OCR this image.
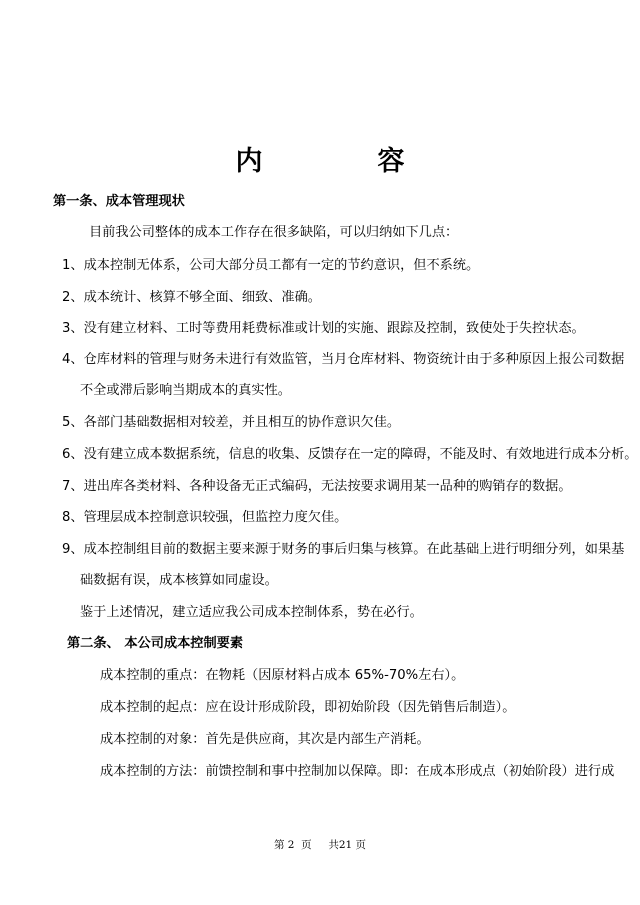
内　容
第一条、成本管理现状
目前我公司整体的成本工作存在很多缺陷，可以归纳如下几点：
1、成本控制无体系，公司大部分员工都有一定的节约意识，但不系统。
2、成本统计、核算不够全面、细致、准确。
3、没有建立材料、工时等费用耗费标准或计划的实施、跟踪及控制，致使处于失控状态。
4、仓库材料的管理与财务未进行有效监管，当月仓库材料、物资统计由于多种原因上报公司数据
不全或滞后影响当期成本的真实性。
5、各部门基础数据相对较差，并且相互的协作意识欠佳。
6、没有建立成本数据系统，信息的收集、反馈存在一定的障碍，不能及时、有效地进行成本分析。
7、进出库各类材料、各种设备无正式编码，无法按要求调用某一品种的购销存的数据。
8、管理层成本控制意识较强，但监控力度欠佳。
9、成本控制组目前的数据主要来源于财务的事后归集与核算。在此基础上进行明细分列，如果基
础数据有误，成本核算如同虚设。
鉴于上述情况，建立适应我公司成本控制体系，势在必行。
第二条、 本公司成本控制要素
成本控制的重点：在物耗（因原材料占成本 65%-70%左右）。
成本控制的起点：应在设计形成阶段，即初始阶段（因先销售后制造）。
成本控制的对象：首先是供应商，其次是内部生产消耗。
成本控制的方法：前馈控制和事中控制加以保障。即：在成本形成点（初始阶段）进行成
第 2  页     共21 页
